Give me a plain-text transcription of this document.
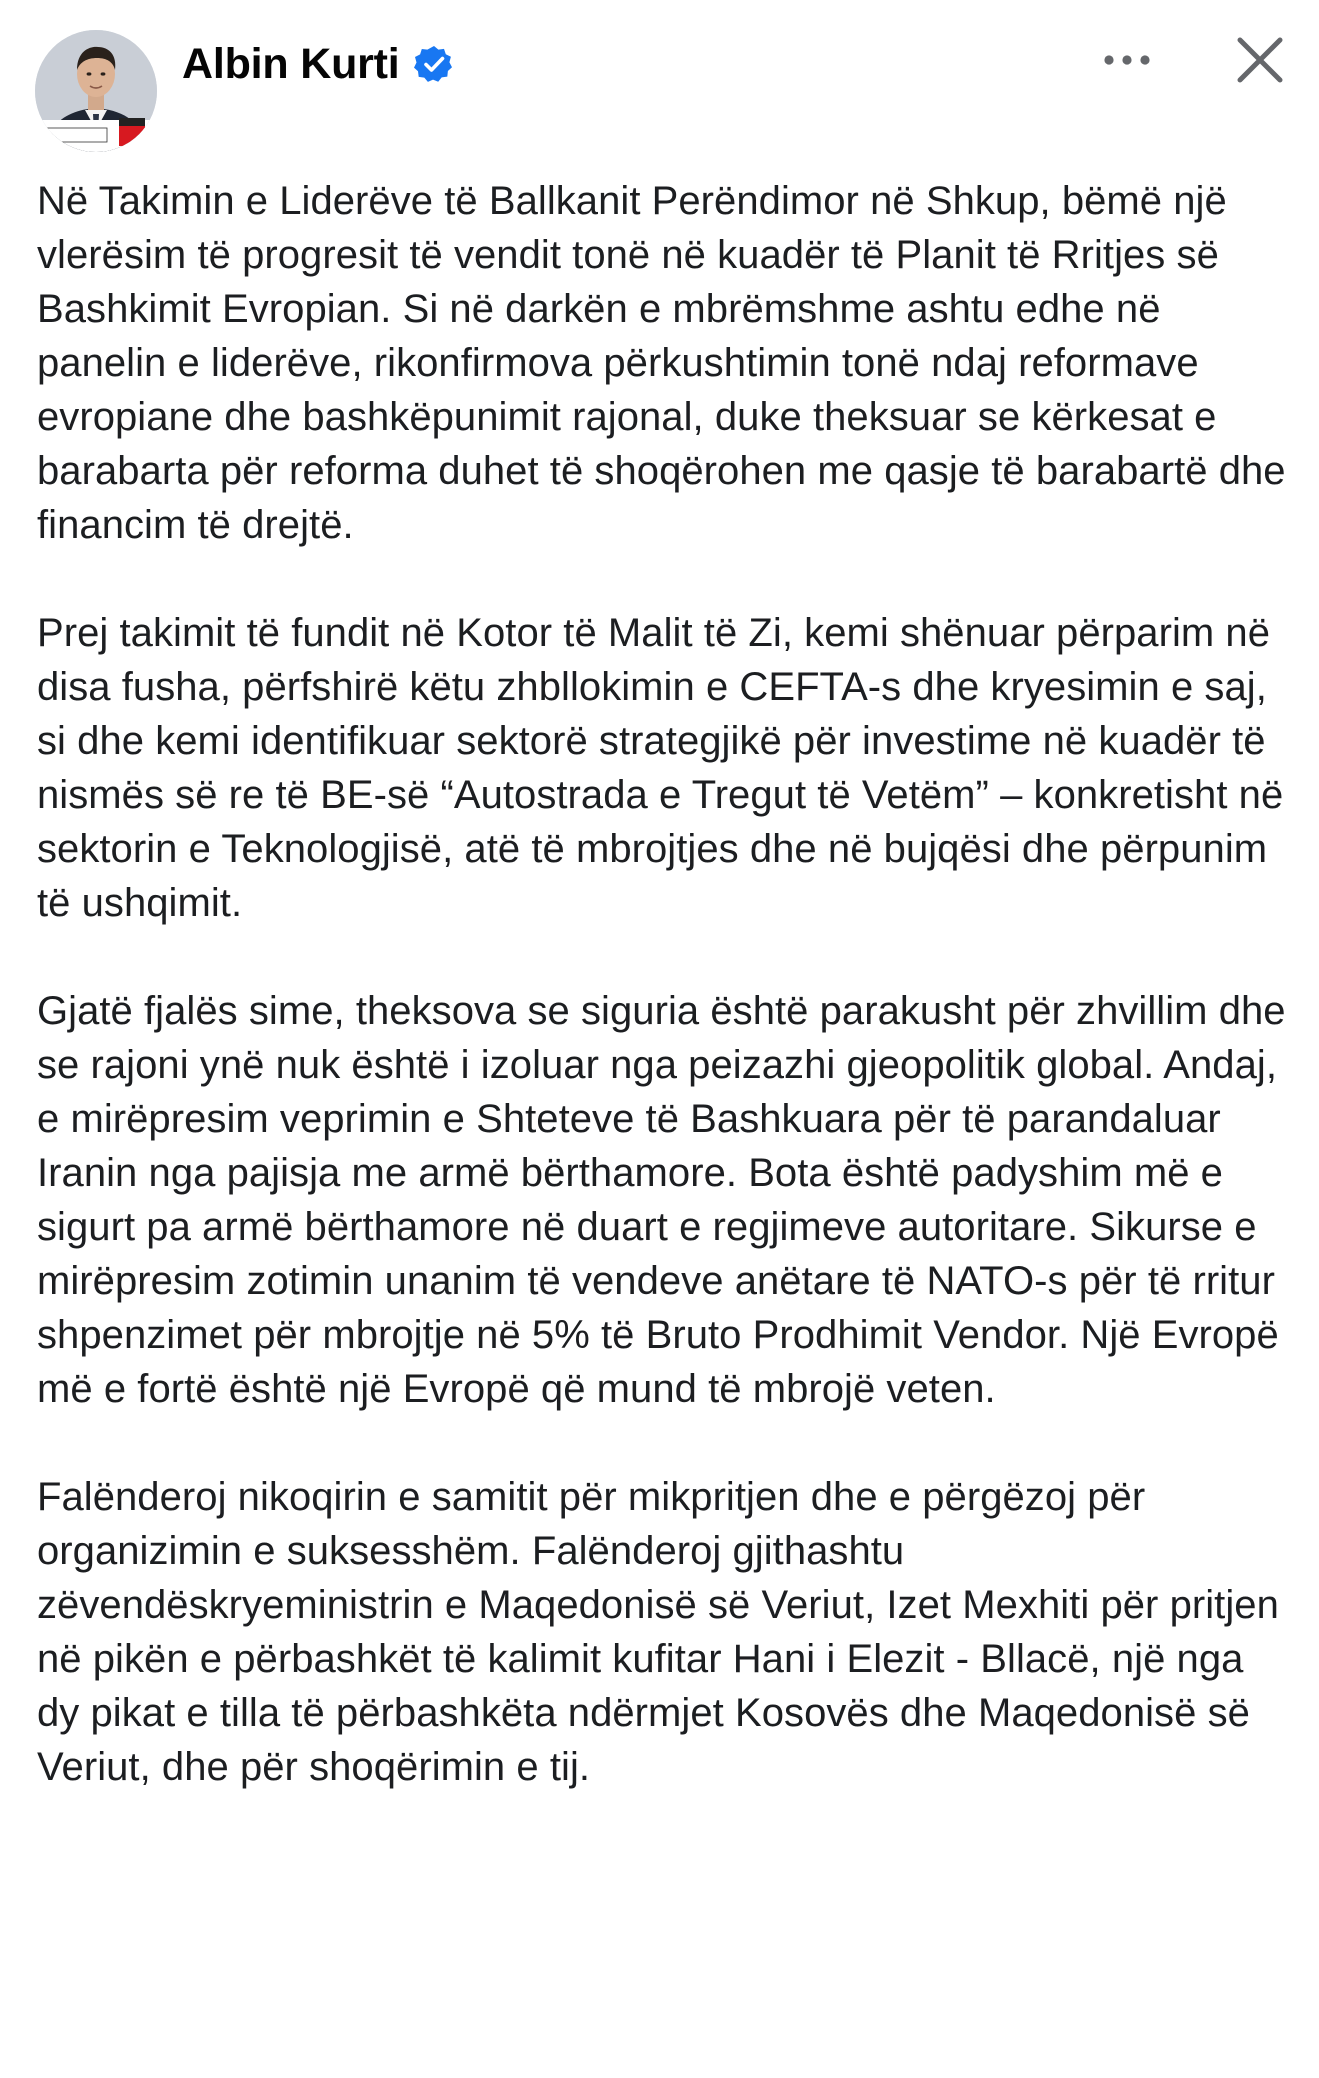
Albin Kurti

Në Takimin e Liderëve të Ballkanit Perëndimor në Shkup, bëmë një vlerësim të progresit të vendit tonë në kuadër të Planit të Rritjes së Bashkimit Evropian. Si në darkën e mbrëmshme ashtu edhe në panelin e liderëve, rikonfirmova përkushtimin tonë ndaj reformave evropiane dhe bashkëpunimit rajonal, duke theksuar se kërkesat e barabarta për reforma duhet të shoqërohen me qasje të barabartë dhe financim të drejtë.

Prej takimit të fundit në Kotor të Malit të Zi, kemi shënuar përparim në disa fusha, përfshirë këtu zhbllokimin e CEFTA-s dhe kryesimin e saj, si dhe kemi identifikuar sektorë strategjikë për investime në kuadër të nismës së re të BE-së “Autostrada e Tregut të Vetëm” – konkretisht në sektorin e Teknologjisë, atë të mbrojtjes dhe në bujqësi dhe përpunim të ushqimit.

Gjatë fjalës sime, theksova se siguria është parakusht për zhvillim dhe se rajoni ynë nuk është i izoluar nga peizazhi gjeopolitik global. Andaj, e mirëpresim veprimin e Shteteve të Bashkuara për të parandaluar Iranin nga pajisja me armë bërthamore. Bota është padyshim më e sigurt pa armë bërthamore në duart e regjimeve autoritare. Sikurse e mirëpresim zotimin unanim të vendeve anëtare të NATO-s për të rritur shpenzimet për mbrojtje në 5% të Bruto Prodhimit Vendor. Një Evropë më e fortë është një Evropë që mund të mbrojë veten.

Falënderoj nikoqirin e samitit për mikpritjen dhe e përgëzoj për organizimin e suksesshëm. Falënderoj gjithashtu zëvendëskryeministrin e Maqedonisë së Veriut, Izet Mexhiti për pritjen në pikën e përbashkët të kalimit kufitar Hani i Elezit - Bllacë, një nga dy pikat e tilla të përbashkëta ndërmjet Kosovës dhe Maqedonisë së Veriut, dhe për shoqërimin e tij.
